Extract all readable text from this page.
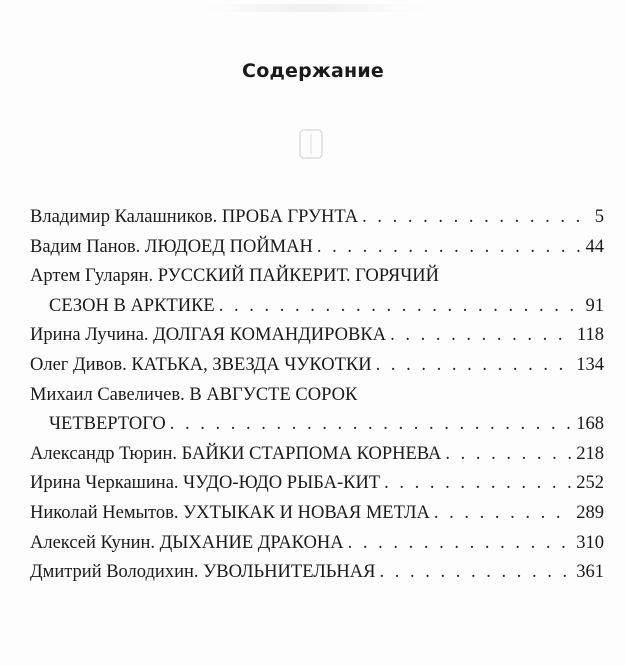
Содержание
Владимир Калашников. ПРОБА ГРУНТА . . .	5
Вадим Панов. ЛЮДОЕД ПОЙМАН . . .	44
Артем Гуларян. РУССКИЙ ПАЙКЕРИТ. ГОРЯЧИЙ
СЕЗОН В АРКТИКЕ . . .	91
Ирина Лучина. ДОЛГАЯ КОМАНДИРОВКА . . .	118
Олег Дивов. КАТЬКА, ЗВЕЗДА ЧУКОТКИ . . .	134
Михаил Савеличев. В АВГУСТЕ СОРОК
ЧЕТВЕРТОГО . . .	168
Александр Тюрин. БАЙКИ СТАРПОМА КОРНЕВА . . .	218
Ирина Черкашина. ЧУДО-ЮДО РЫБА-КИТ . . .	252
Николай Немытов. УХТЫКАК И НОВАЯ МЕТЛА . . .	289
Алексей Кунин. ДЫХАНИЕ ДРАКОНА . . .	310
Дмитрий Володихин. УВОЛЬНИТЕЛЬНАЯ . . .	361
